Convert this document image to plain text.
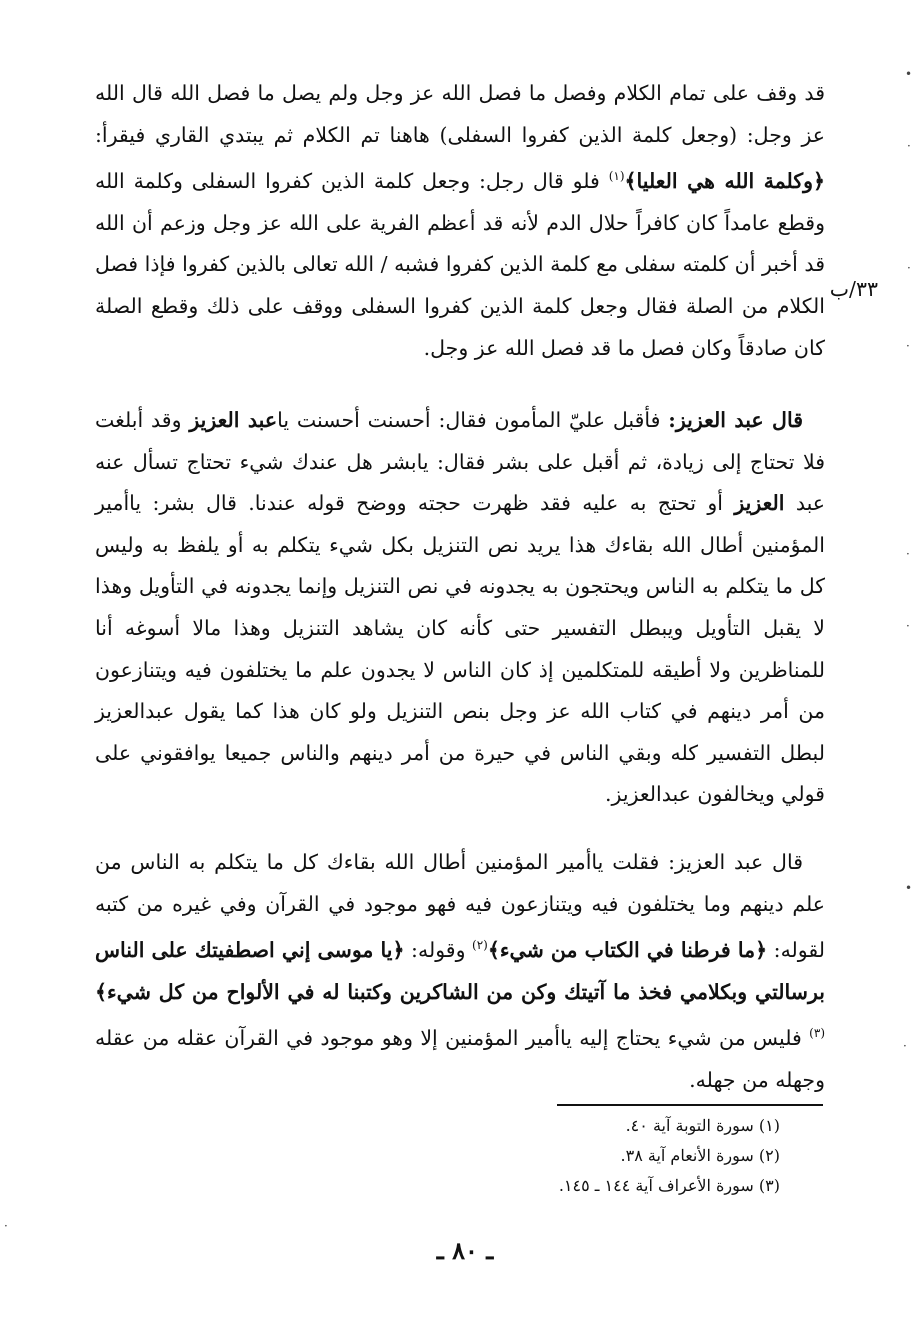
٣٣/ب

قد وقف على تمام الكلام وفصل ما فصل الله عز وجل ولم يصل ما فصل الله قال الله عز وجل: (وجعل كلمة الذين كفروا السفلى) هاهنا تم الكلام ثم يبتدي القاري فيقرأ: ﴿وكلمة الله هي العليا﴾$^{(١)}$ فلو قال رجل: وجعل كلمة الذين كفروا السفلى وكلمة الله وقطع عامداً كان كافراً حلال الدم لأنه قد أعظم الفرية على الله عز وجل وزعم أن الله قد أخبر أن كلمته سفلى مع كلمة الذين كفروا فشبه / الله تعالى بالذين كفروا فإذا فصل الكلام من الصلة فقال وجعل كلمة الذين كفروا السفلى ووقف على ذلك وقطع الصلة كان صادقاً وكان فصل ما قد فصل الله عز وجل.

قال عبد العزيز: فأقبل عليّ المأمون فقال: أحسنت أحسنت ياعبد العزيز وقد أبلغت فلا تحتاج إلى زيادة، ثم أقبل على بشر فقال: يابشر هل عندك شيء تحتاج تسأل عنه عبد العزيز أو تحتج به عليه فقد ظهرت حجته ووضح قوله عندنا. قال بشر: ياأمير المؤمنين أطال الله بقاءك هذا يريد نص التنزيل بكل شيء يتكلم به أو يلفظ به وليس كل ما يتكلم به الناس ويحتجون به يجدونه في نص التنزيل وإنما يجدونه في التأويل وهذا لا يقبل التأويل ويبطل التفسير حتى كأنه كان يشاهد التنزيل وهذا مالا أسوغه أنا للمناظرين ولا أطيقه للمتكلمين إذ كان الناس لا يجدون علم ما يختلفون فيه ويتنازعون من أمر دينهم في كتاب الله عز وجل بنص التنزيل ولو كان هذا كما يقول عبدالعزيز لبطل التفسير كله وبقي الناس في حيرة من أمر دينهم والناس جميعا يوافقوني على قولي ويخالفون عبدالعزيز.

قال عبد العزيز: فقلت ياأمير المؤمنين أطال الله بقاءك كل ما يتكلم به الناس من علم دينهم وما يختلفون فيه ويتنازعون فيه فهو موجود في القرآن وفي غيره من كتبه لقوله: ﴿ما فرطنا في الكتاب من شيء﴾$^{(٢)}$ وقوله: ﴿يا موسى إني اصطفيتك على الناس برسالتي وبكلامي فخذ ما آتيتك وكن من الشاكرين وكتبنا له في الألواح من كل شيء﴾$^{(٣)}$ فليس من شيء يحتاج إليه ياأمير المؤمنين إلا وهو موجود في القرآن عقله من عقله وجهله من جهله.

(١) سورة التوبة آية ٤٠.
(٢) سورة الأنعام آية ٣٨.
(٣) سورة الأعراف آية ١٤٤ ـ ١٤٥.
ـ ٨٠ ـ
•
·
·
·
·
·
•
·
·
